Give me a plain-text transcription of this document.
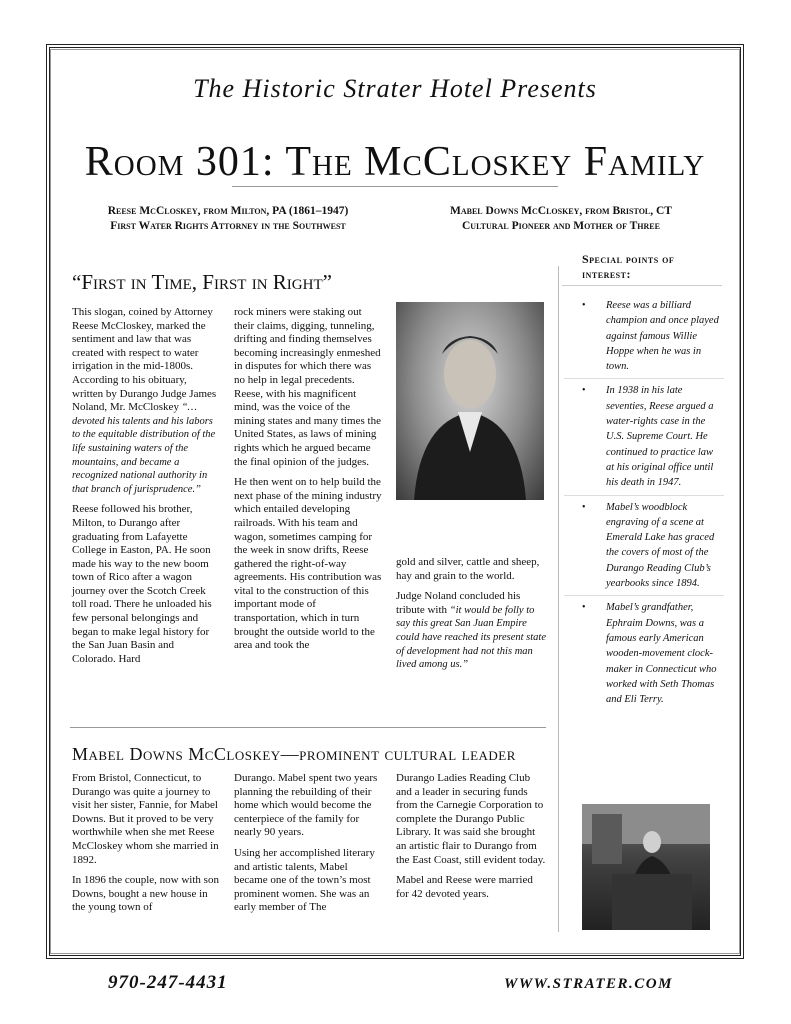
The Historic Strater Hotel Presents
Room 301: The McCloskey Family
Reese McCloskey, from Milton, PA (1861–1947)
First Water Rights Attorney in the Southwest
Mabel Downs McCloskey, from Bristol, CT
Cultural Pioneer and Mother of Three
“First in Time, First in Right”

This slogan, coined by Attorney Reese McCloskey, marked the sentiment and law that was created with respect to water irrigation in the mid-1800s. According to his obituary, written by Durango Judge James Noland, Mr. McCloskey “…devoted his talents and his labors to the equitable distribution of the life sustaining waters of the mountains, and became a recognized national authority in that branch of jurisprudence.”

Reese followed his brother, Milton, to Durango after graduating from Lafayette College in Easton, PA. He soon made his way to the new boom town of Rico after a wagon journey over the Scotch Creek toll road. There he unloaded his few personal belongings and began to make legal history for the San Juan Basin and Colorado. Hard

rock miners were staking out their claims, digging, tunneling, drifting and finding themselves becoming increasingly enmeshed in disputes for which there was no help in legal precedents. Reese, with his magnificent mind, was the voice of the mining states and many times the United States, as laws of mining rights which he argued became the final opinion of the judges.

He then went on to help build the next phase of the mining industry which entailed developing railroads. With his team and wagon, sometimes camping for the week in snow drifts, Reese gathered the right-of-way agreements. His contribution was vital to the construction of this important mode of transportation, which in turn brought the outside world to the area and took the

gold and silver, cattle and sheep, hay and grain to the world.

Judge Noland concluded his tribute with “it would be folly to say this great San Juan Empire could have reached its present state of development had not this man lived among us.”

Mabel Downs McCloskey—prominent cultural leader

From Bristol, Connecticut, to Durango was quite a journey to visit her sister, Fannie, for Mabel Downs. But it proved to be very worthwhile when she met Reese McCloskey whom she married in 1892.

In 1896 the couple, now with son Downs, bought a new house in the young town of

Durango. Mabel spent two years planning the rebuilding of their home which would become the centerpiece of the family for nearly 90 years.

Using her accomplished literary and artistic talents, Mabel became one of the town’s most prominent women. She was an early member of The

Durango Ladies Reading Club and a leader in securing funds from the Carnegie Corporation to complete the Durango Public Library. It was said she brought an artistic flair to Durango from the East Coast, still evident today.

Mabel and Reese were married for 42 devoted years.

Special points of interest:
• Reese was a billiard champion and once played against famous Willie Hoppe when he was in town.
• In 1938 in his late seventies, Reese argued a water-rights case in the U.S. Supreme Court. He continued to practice law at his original office until his death in 1947.
• Mabel’s woodblock engraving of a scene at Emerald Lake has graced the covers of most of the Durango Reading Club’s yearbooks since 1894.
• Mabel’s grandfather, Ephraim Downs, was a famous early American wooden-movement clock-maker in Connecticut who worked with Seth Thomas and Eli Terry.
970-247-4431	WWW.STRATER.COM
